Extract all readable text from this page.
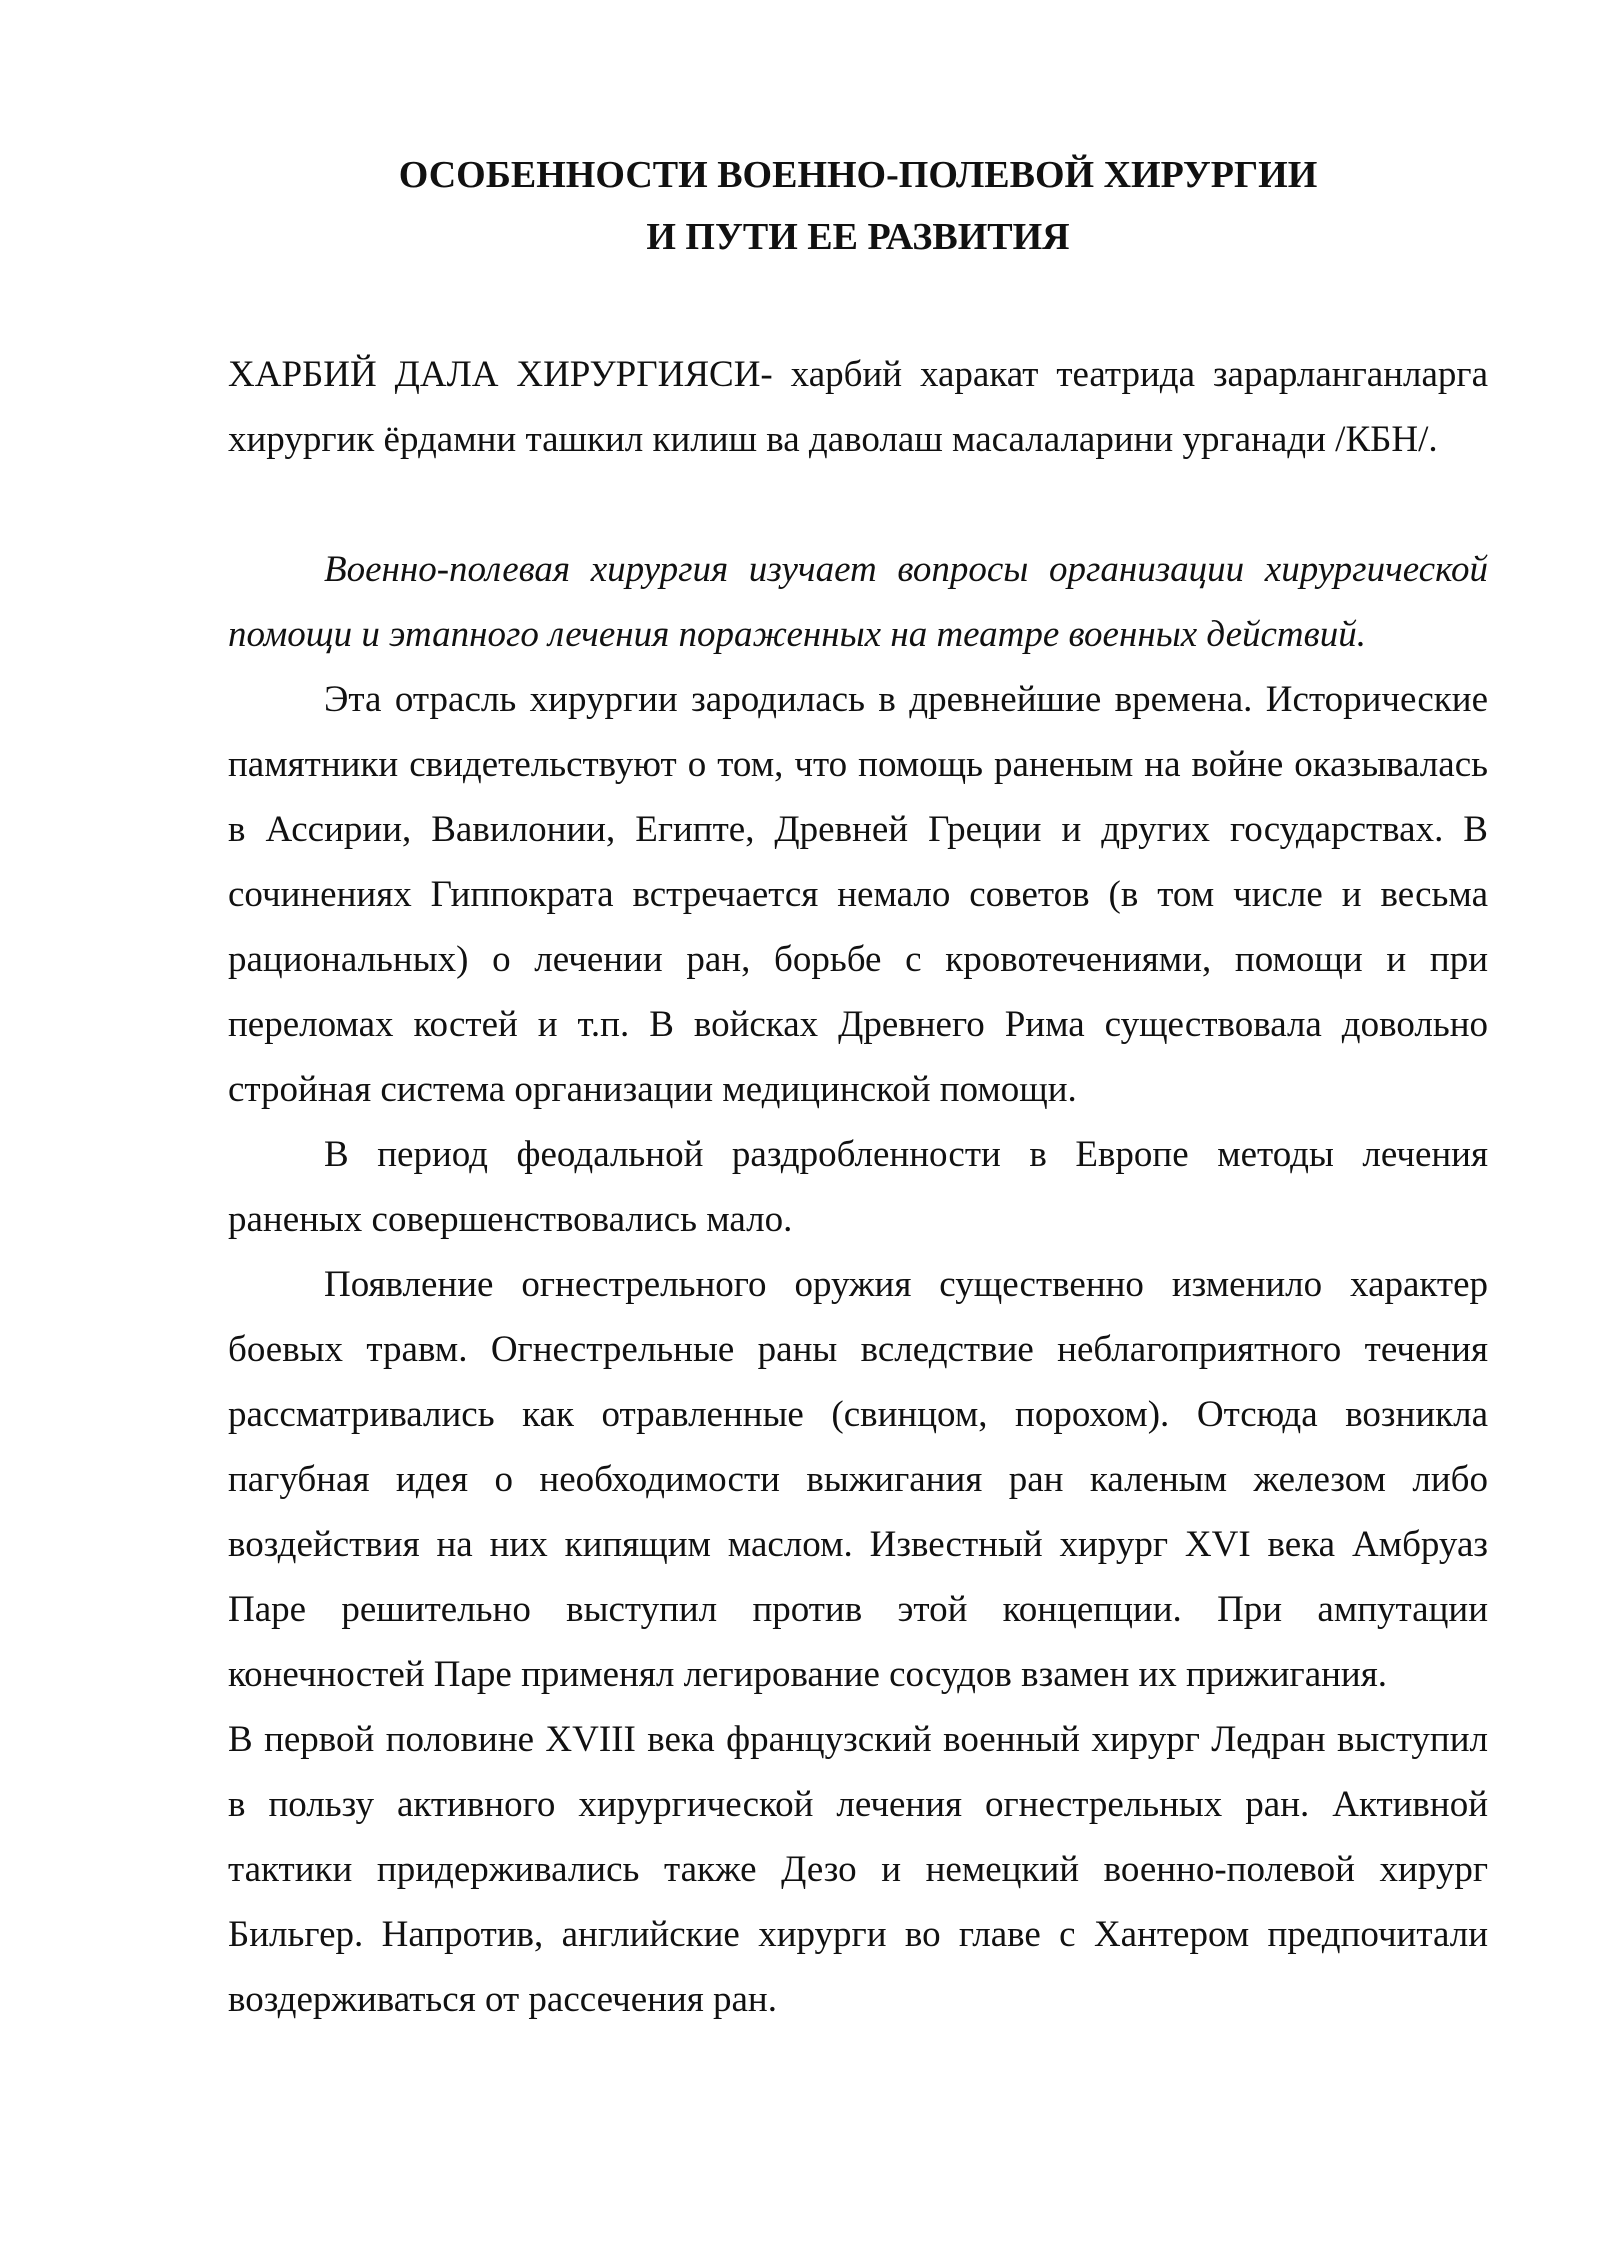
ОСОБЕННОСТИ ВОЕННО-ПОЛЕВОЙ ХИРУРГИИ
И ПУТИ ЕЕ РАЗВИТИЯ

ХАРБИЙ ДАЛА ХИРУРГИЯСИ- харбий харакат театрида зарарланганларга хирургик ёрдамни ташкил килиш ва даволаш масалаларини урганади /КБН/.

Военно-полевая хирургия изучает вопросы организации хирургической помощи и этапного лечения пораженных на театре военных действий.

Эта отрасль хирургии зародилась в древнейшие времена. Исторические памятники свидетельствуют о том, что помощь раненым на войне оказывалась в Ассирии, Вавилонии, Египте, Древней Греции и других государствах. В сочинениях Гиппократа встречается немало советов (в том числе и весьма рациональных) о лечении ран, борьбе с кровотечениями, помощи и при переломах костей и т.п. В войсках Древнего Рима существовала довольно стройная система организации медицинской помощи.

В период феодальной раздробленности в Европе методы лечения раненых совершенствовались мало.

Появление огнестрельного оружия существенно изменило характер боевых травм. Огнестрельные раны вследствие неблагоприятного течения рассматривались как отравленные (свинцом, порохом). Отсюда возникла пагубная идея о необходимости выжигания ран каленым железом либо воздействия на них кипящим маслом. Известный хирург XVI века Амбруаз Паре решительно выступил против этой концепции. При ампутации конечностей Паре применял легирование сосудов взамен их прижигания.

В первой половине XVIII века французский военный хирург Ледран выступил в пользу активного хирургической лечения огнестрельных ран. Активной тактики придерживались также Дезо и немецкий военно-полевой хирург Бильгер. Напротив, английские хирурги во главе с Хантером предпочитали воздерживаться от рассечения ран.
